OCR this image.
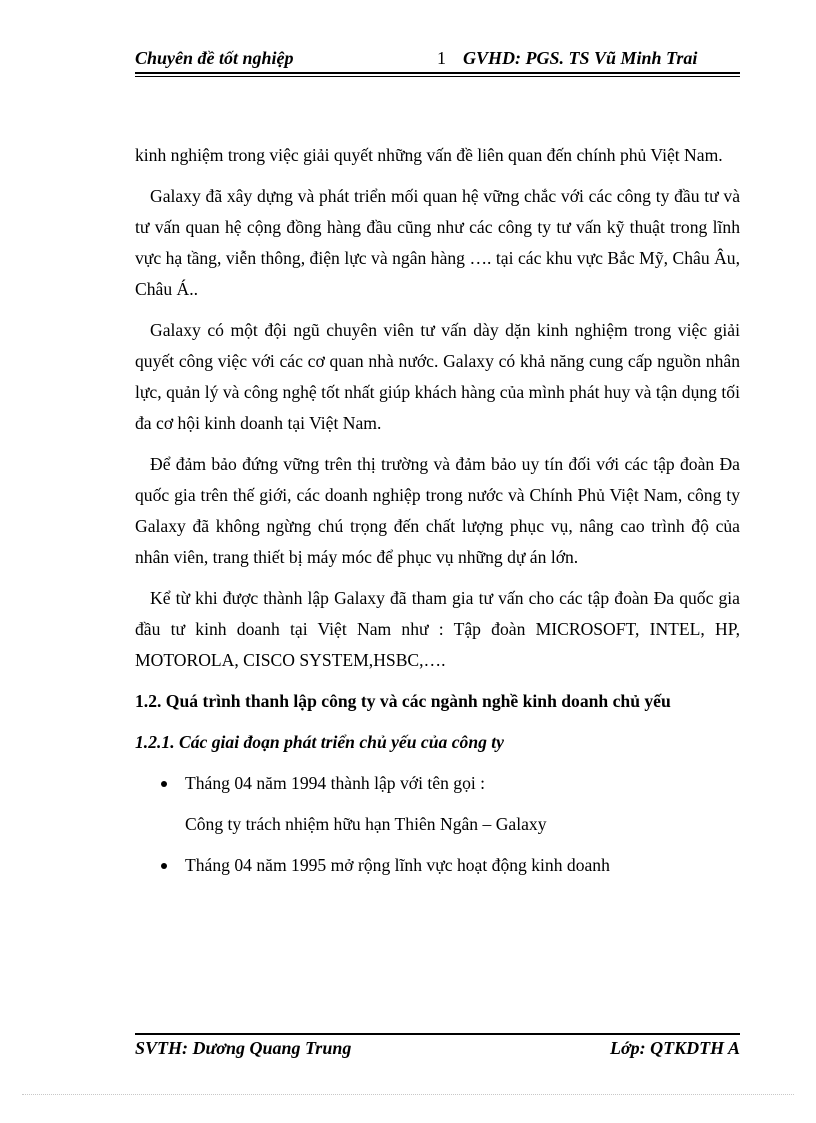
Chuyên đề tốt nghiệp	1 GVHD: PGS. TS Vũ Minh Trai

kinh nghiệm trong việc giải quyết những vấn đề liên quan đến chính phủ Việt Nam.

Galaxy đã xây dựng và phát triển mối quan hệ vững chắc với các công ty đầu tư và tư vấn quan hệ cộng đồng hàng đầu cũng như các công ty tư vấn kỹ thuật trong lĩnh vực hạ tầng, viễn thông, điện lực và ngân hàng …. tại các khu vực Bắc Mỹ, Châu Âu, Châu Á..

Galaxy có một đội ngũ chuyên viên tư vấn dày dặn kinh nghiệm trong việc giải quyết công việc với các cơ quan nhà nước. Galaxy có khả năng cung cấp nguồn nhân lực, quản lý và công nghệ tốt nhất giúp khách hàng của mình phát huy và tận dụng tối đa cơ hội kinh doanh tại Việt Nam.

Để đảm bảo đứng vững trên thị trường và đảm bảo uy tín đối với các tập đoàn Đa quốc gia trên thế giới, các doanh nghiệp trong nước và Chính Phủ Việt Nam, công ty Galaxy đã không ngừng chú trọng đến chất lượng phục vụ, nâng cao trình độ của nhân viên, trang thiết bị máy móc để phục vụ những dự án lớn.

Kể từ khi được thành lập Galaxy đã tham gia tư vấn cho các tập đoàn Đa quốc gia đầu tư kinh doanh tại Việt Nam như : Tập đoàn MICROSOFT, INTEL, HP, MOTOROLA, CISCO SYSTEM,HSBC,….

1.2. Quá trình thanh lập công ty và các ngành nghề kinh doanh chủ yếu
1.2.1. Các giai đoạn phát triển chủ yếu của công ty
Tháng 04 năm 1994 thành lập với tên gọi :
Công ty trách nhiệm hữu hạn Thiên Ngân – Galaxy
Tháng 04 năm 1995 mở rộng lĩnh vực hoạt động kinh doanh
SVTH: Dương Quang Trung	Lớp: QTKDTH A
